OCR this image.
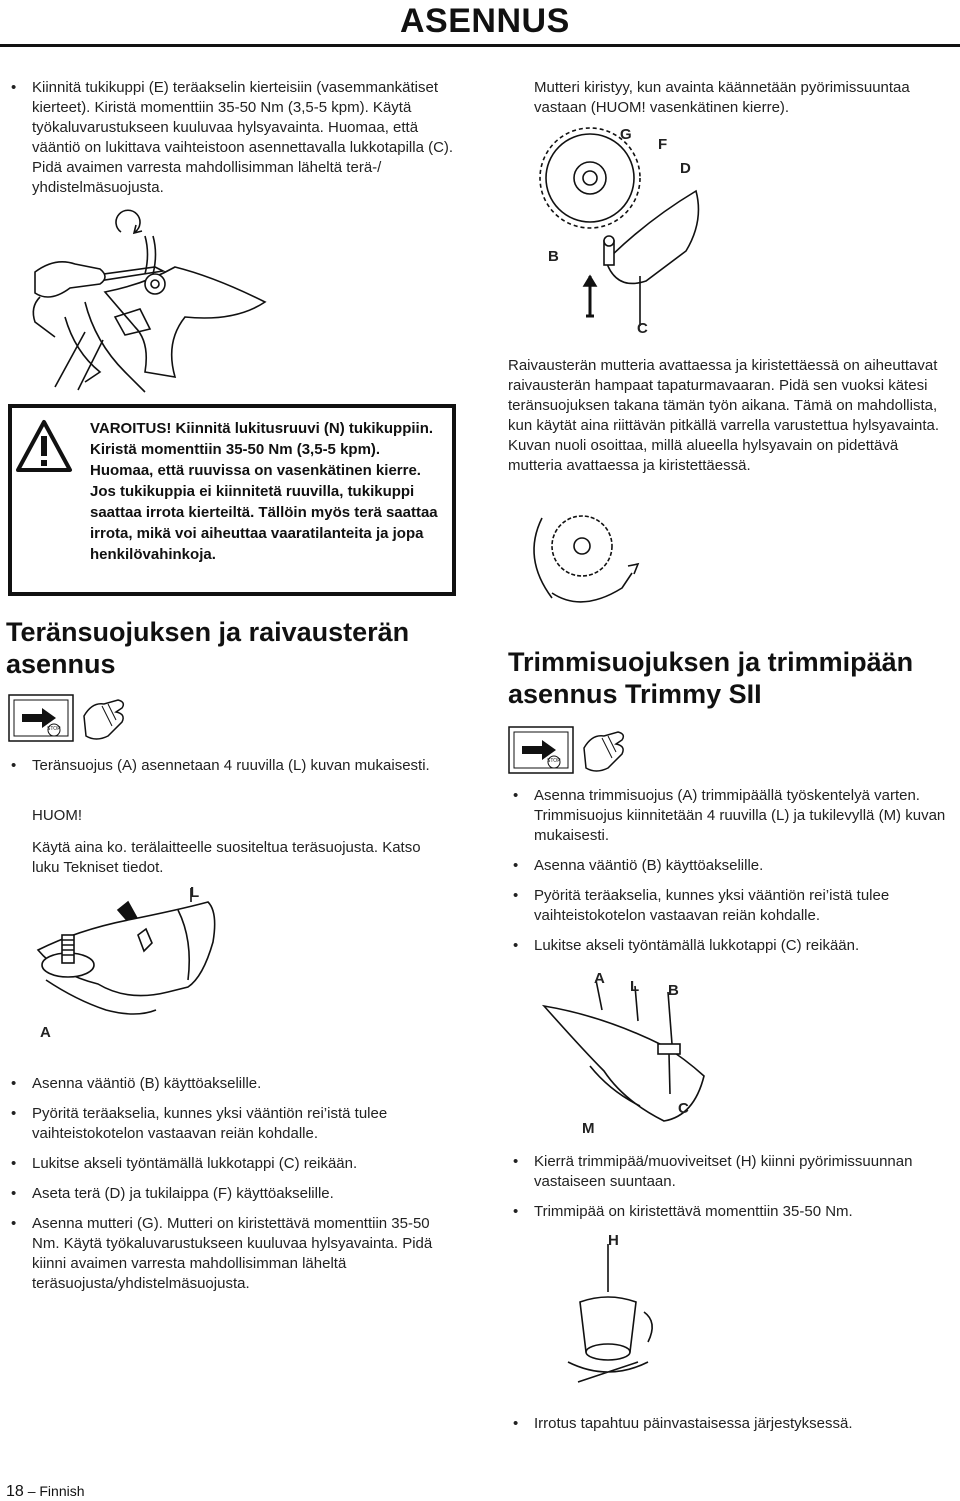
ASENNUS
• Kiinnitä tukikuppi (E) teräakselin kierteisiin (vasemmankätiset kierteet). Kiristä momenttiin 35-50 Nm (3,5-5 kpm). Käytä työkaluvarustukseen kuuluvaa hylsyavainta. Huomaa, että vääntiö on lukittava vaihteistoon asennettavalla lukkotapilla (C). Pidä avaimen varresta mahdollisimman läheltä terä-/ yhdistelmäsuojusta.
VAROITUS! Kiinnitä lukitusruuvi (N) tukikuppiin. Kiristä momenttiin 35-50 Nm (3,5-5 kpm). Huomaa, että ruuvissa on vasenkätinen kierre. Jos tukikuppia ei kiinnitetä ruuvilla, tukikuppi saattaa irrota kierteiltä. Tällöin myös terä saattaa irrota, mikä voi aiheuttaa vaaratilanteita ja jopa henkilövahinkoja.
Teränsuojuksen ja raivausterän asennus
STOP
• Teränsuojus (A) asennetaan 4 ruuvilla (L) kuvan mukaisesti.
HUOM!
Käytä aina ko. terälaitteelle suositeltua teräsuojusta. Katso luku Tekniset tiedot.
L
A
• Asenna vääntiö (B) käyttöakselille.
• Pyöritä teräakselia, kunnes yksi vääntiön rei’istä tulee vaihteistokotelon vastaavan reiän kohdalle.
• Lukitse akseli työntämällä lukkotappi (C) reikään.
• Aseta terä (D) ja tukilaippa (F) käyttöakselille.
• Asenna mutteri (G). Mutteri on kiristettävä momenttiin 35-50 Nm. Käytä työkaluvarustukseen kuuluvaa hylsyavainta. Pidä kiinni avaimen varresta mahdollisimman läheltä teräsuojusta/yhdistelmäsuojusta.
Mutteri kiristyy, kun avainta käännetään pyörimissuuntaa vastaan (HUOM! vasenkätinen kierre).
G
F
D
B
C
Raivausterän mutteria avattaessa ja kiristettäessä on aiheuttavat raivausterän hampaat tapaturmavaaran. Pidä sen vuoksi kätesi teränsuojuksen takana tämän työn aikana. Tämä on mahdollista, kun käytät aina riittävän pitkällä varrella varustettua hylsyavainta. Kuvan nuoli osoittaa, millä alueella hylsyavain on pidettävä mutteria avattaessa ja kiristettäessä.
Trimmisuojuksen ja trimmipään asennus Trimmy SII
STOP
• Asenna trimmisuojus (A) trimmipäällä työskentelyä varten. Trimmisuojus kiinnitetään 4 ruuvilla (L) ja tukilevyllä (M) kuvan mukaisesti.
• Asenna vääntiö (B) käyttöakselille.
• Pyöritä teräakselia, kunnes yksi vääntiön rei’istä tulee vaihteistokotelon vastaavan reiän kohdalle.
• Lukitse akseli työntämällä lukkotappi (C) reikään.
A L B
C
M
• Kierrä trimmipää/muoviveitset (H) kiinni pyörimissuunnan vastaiseen suuntaan.
• Trimmipää on kiristettävä momenttiin 35-50 Nm.
H
• Irrotus tapahtuu päinvastaisessa järjestyksessä.
18 – Finnish
